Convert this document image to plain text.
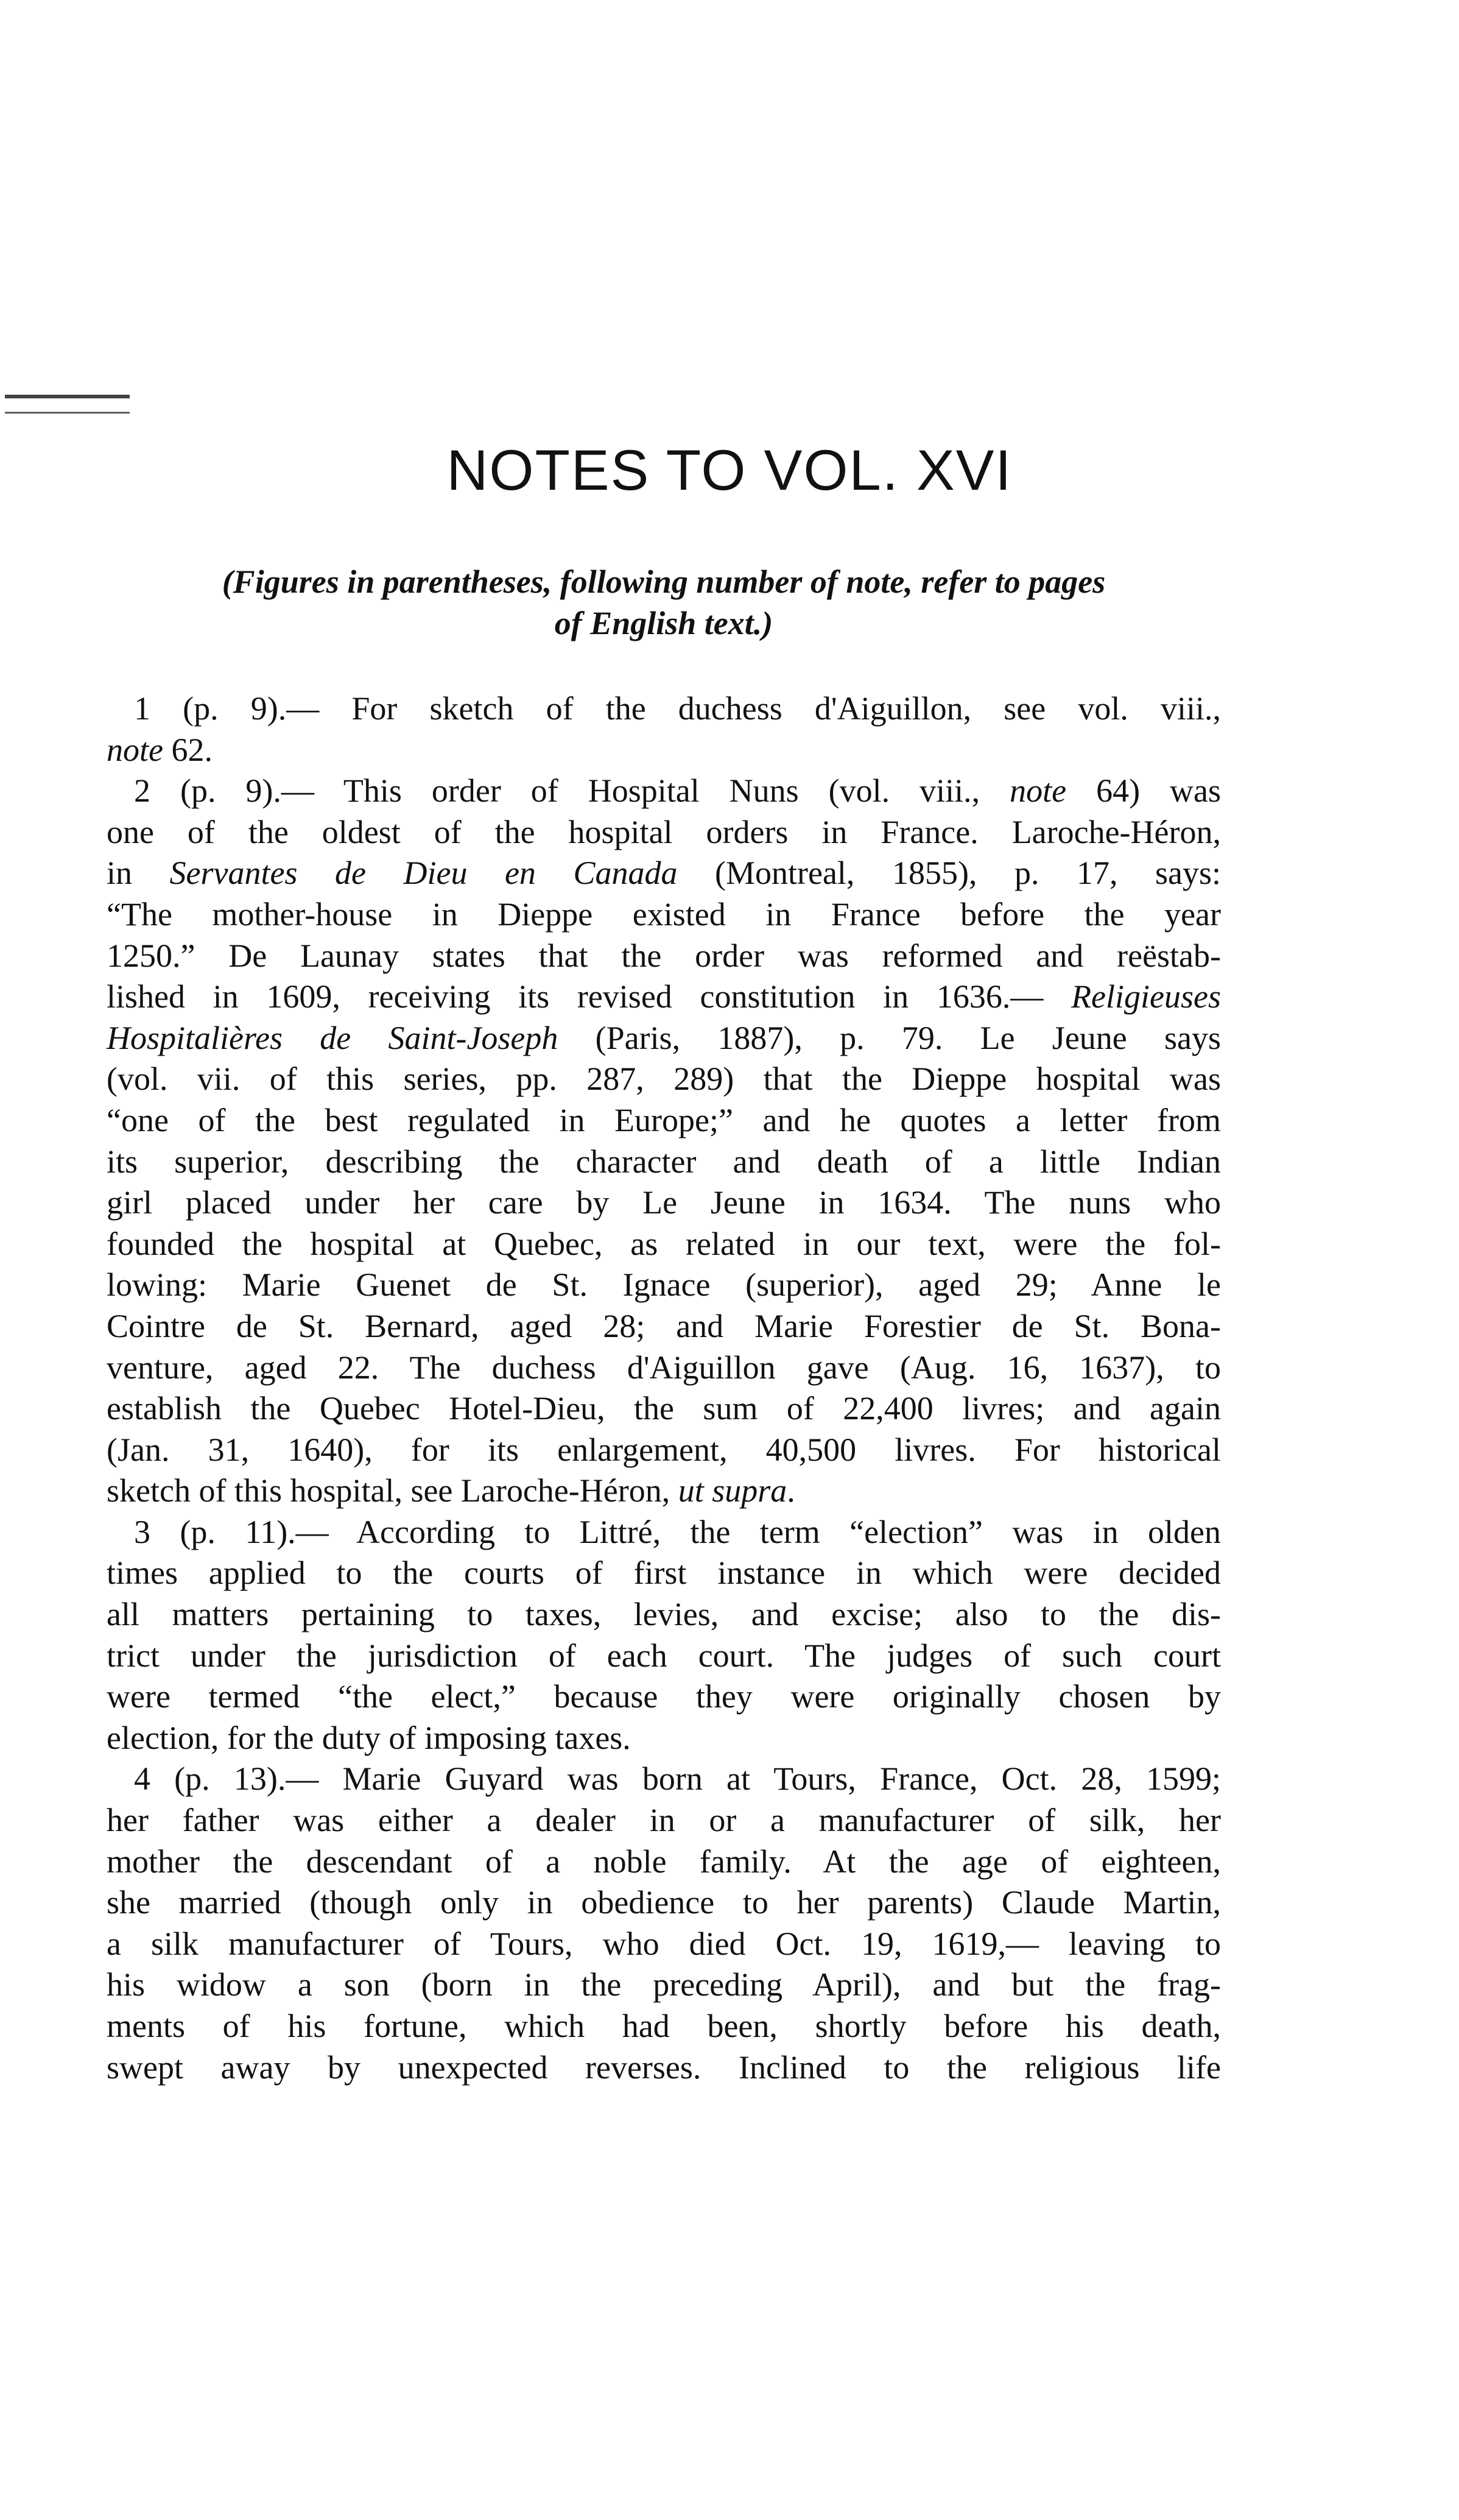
NOTES TO VOL. XVI

(Figures in parentheses, following number of note, refer to pages
of English text.)

1 (p. 9).— For sketch of the duchess d'Aiguillon, see vol. viii.,
note 62.
2 (p. 9).— This order of Hospital Nuns (vol. viii., note 64) was
one of the oldest of the hospital orders in France. Laroche-Héron,
in Servantes de Dieu en Canada (Montreal, 1855), p. 17, says:
“The mother-house in Dieppe existed in France before the year
1250.” De Launay states that the order was reformed and reëstab-
lished in 1609, receiving its revised constitution in 1636.— Religieuses
Hospitalières de Saint-Joseph (Paris, 1887), p. 79. Le Jeune says
(vol. vii. of this series, pp. 287, 289) that the Dieppe hospital was
“one of the best regulated in Europe;” and he quotes a letter from
its superior, describing the character and death of a little Indian
girl placed under her care by Le Jeune in 1634. The nuns who
founded the hospital at Quebec, as related in our text, were the fol-
lowing: Marie Guenet de St. Ignace (superior), aged 29; Anne le
Cointre de St. Bernard, aged 28; and Marie Forestier de St. Bona-
venture, aged 22. The duchess d'Aiguillon gave (Aug. 16, 1637), to
establish the Quebec Hotel-Dieu, the sum of 22,400 livres; and again
(Jan. 31, 1640), for its enlargement, 40,500 livres. For historical
sketch of this hospital, see Laroche-Héron, ut supra.
3 (p. 11).— According to Littré, the term “election” was in olden
times applied to the courts of first instance in which were decided
all matters pertaining to taxes, levies, and excise; also to the dis-
trict under the jurisdiction of each court. The judges of such court
were termed “the elect,” because they were originally chosen by
election, for the duty of imposing taxes.
4 (p. 13).— Marie Guyard was born at Tours, France, Oct. 28, 1599;
her father was either a dealer in or a manufacturer of silk, her
mother the descendant of a noble family. At the age of eighteen,
she married (though only in obedience to her parents) Claude Martin,
a silk manufacturer of Tours, who died Oct. 19, 1619,— leaving to
his widow a son (born in the preceding April), and but the frag-
ments of his fortune, which had been, shortly before his death,
swept away by unexpected reverses. Inclined to the religious life
